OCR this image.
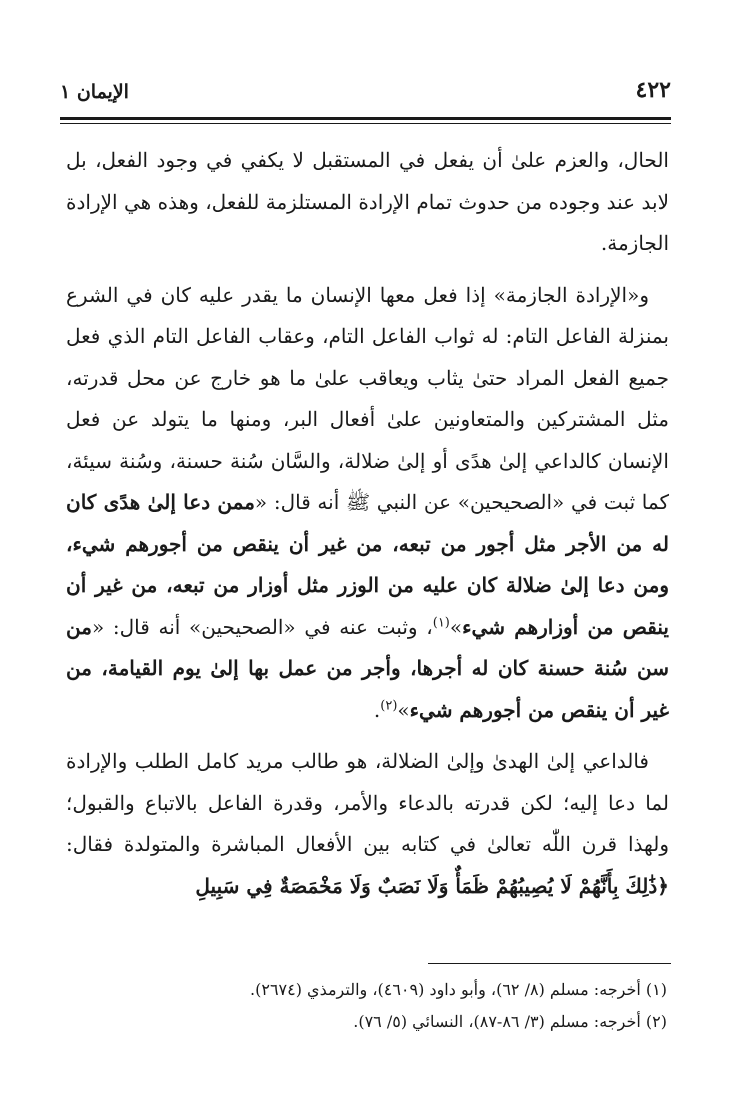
٤٢٢
الإيمان ١

الحال، والعزم علىٰ أن يفعل في المستقبل لا يكفي في وجود الفعل، بل لابد عند وجوده من حدوث تمام الإرادة المستلزمة للفعل، وهذه هي الإرادة الجازمة.

و«الإرادة الجازمة» إذا فعل معها الإنسان ما يقدر عليه كان في الشرع بمنزلة الفاعل التام: له ثواب الفاعل التام، وعقاب الفاعل التام الذي فعل جميع الفعل المراد حتىٰ يثاب ويعاقب علىٰ ما هو خارج عن محل قدرته، مثل المشتركين والمتعاونين علىٰ أفعال البر، ومنها ما يتولد عن فعل الإنسان كالداعي إلىٰ هدًى أو إلىٰ ضلالة، والسَّان سُنة حسنة، وسُنة سيئة، كما ثبت في «الصحيحين» عن النبي ﷺ أنه قال: «ممن دعا إلىٰ هدًى كان له من الأجر مثل أجور من تبعه، من غير أن ينقص من أجورهم شيء، ومن دعا إلىٰ ضلالة كان عليه من الوزر مثل أوزار من تبعه، من غير أن ينقص من أوزارهم شيء»$^{(١)}$، وثبت عنه في «الصحيحين» أنه قال: «من سن سُنة حسنة كان له أجرها، وأجر من عمل بها إلىٰ يوم القيامة، من غير أن ينقص من أجورهم شيء»$^{(٢)}$.

فالداعي إلىٰ الهدىٰ وإلىٰ الضلالة، هو طالب مريد كامل الطلب والإرادة لما دعا إليه؛ لكن قدرته بالدعاء والأمر، وقدرة الفاعل بالاتباع والقبول؛ ولهذا قرن اللّٰه تعالىٰ في كتابه بين الأفعال المباشرة والمتولدة فقال: ﴿ذَٰلِكَ بِأَنَّهُمْ لَا يُصِيبُهُمْ ظَمَأٌ وَلَا نَصَبٌ وَلَا مَخْمَصَةٌ فِي سَبِيلِ

(١) أخرجه: مسلم (٨/ ٦٢)، وأبو داود (٤٦٠٩)، والترمذي (٢٦٧٤).
(٢) أخرجه: مسلم (٣/ ٨٦-٨٧)، النسائي (٥/ ٧٦).
